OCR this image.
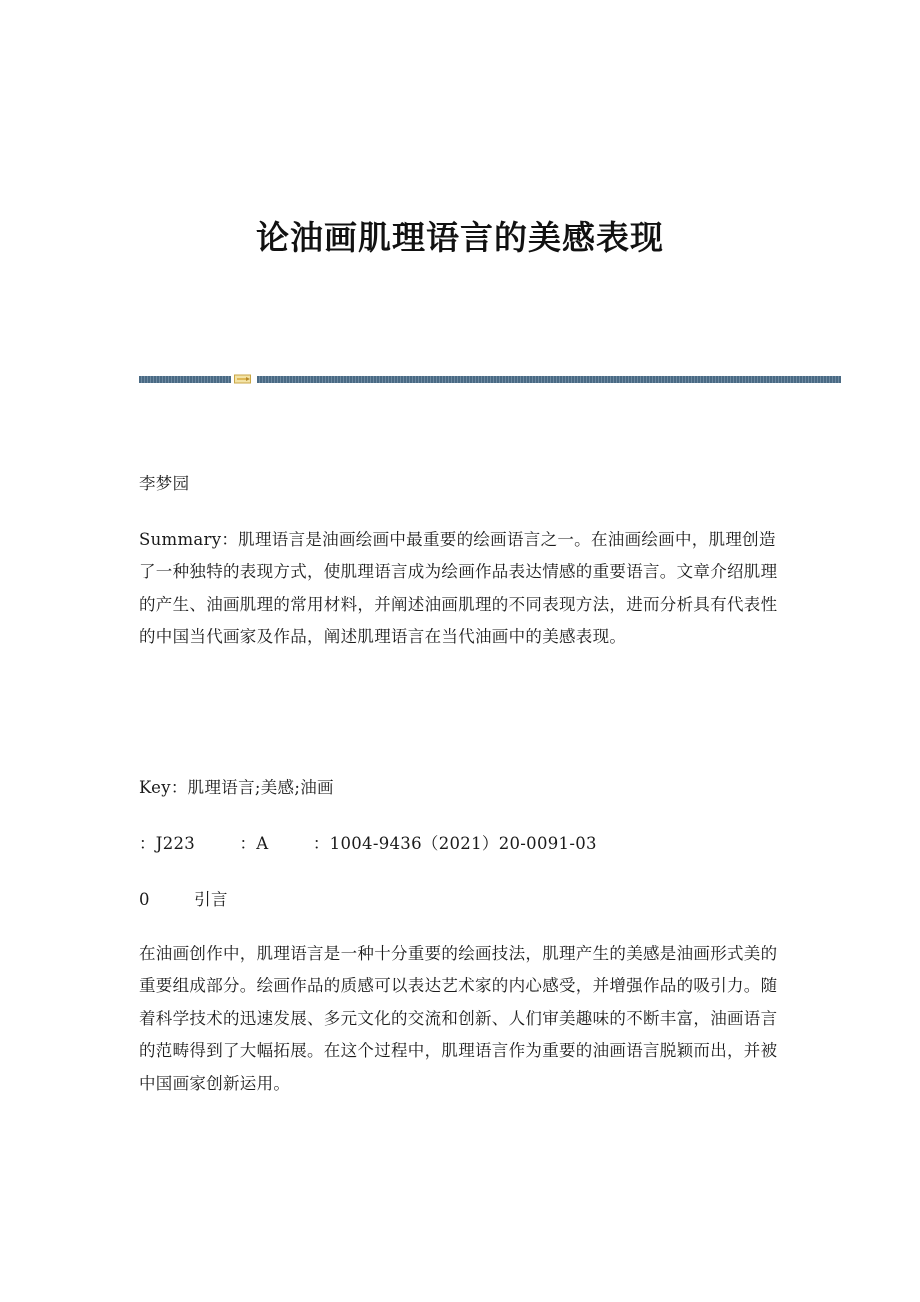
论油画肌理语言的美感表现

李梦园

Summary：肌理语言是油画绘画中最重要的绘画语言之一。在油画绘画中，肌理创造了一种独特的表现方式，使肌理语言成为绘画作品表达情感的重要语言。文章介绍肌理的产生、油画肌理的常用材料，并阐述油画肌理的不同表现方法，进而分析具有代表性的中国当代画家及作品，阐述肌理语言在当代油画中的美感表现。

Key：肌理语言;美感;油画

：J223        ：A        ：1004-9436（2021）20-0091-03

0        引言

在油画创作中，肌理语言是一种十分重要的绘画技法，肌理产生的美感是油画形式美的重要组成部分。绘画作品的质感可以表达艺术家的内心感受，并增强作品的吸引力。随着科学技术的迅速发展、多元文化的交流和创新、人们审美趣味的不断丰富，油画语言的范畴得到了大幅拓展。在这个过程中，肌理语言作为重要的油画语言脱颖而出，并被中国画家创新运用。
